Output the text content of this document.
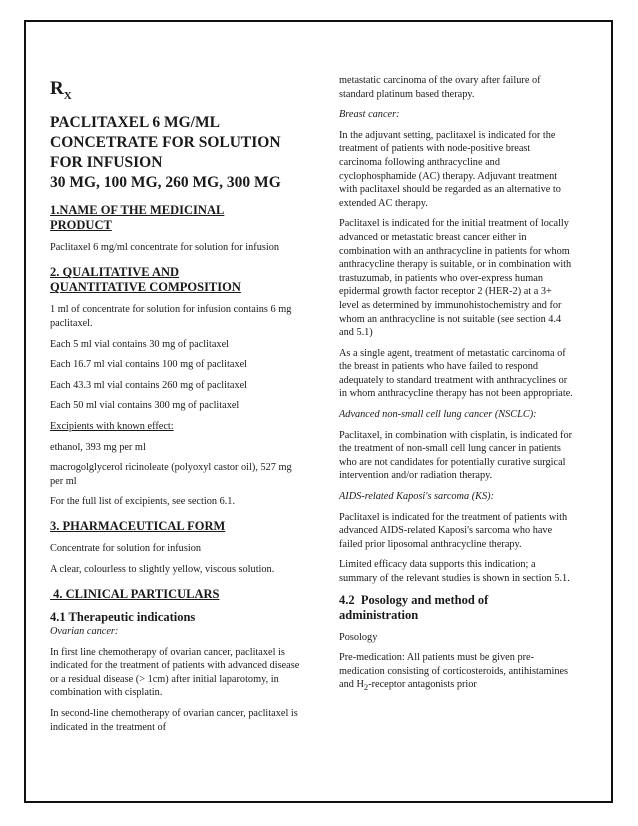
$R_X$
PACLITAXEL 6 MG/ML
CONCETRATE FOR SOLUTION
FOR INFUSION
30 MG, 100 MG, 260 MG, 300 MG
1.NAME OF THE MEDICINAL
PRODUCT

Paclitaxel 6 mg/ml concentrate for solution for infusion

2. QUALITATIVE AND
QUANTITATIVE COMPOSITION

1 ml of concentrate for solution for infusion contains 6 mg paclitaxel.

Each 5 ml vial contains 30 mg of paclitaxel

Each 16.7 ml vial contains 100 mg of paclitaxel

Each 43.3 ml vial contains 260 mg of paclitaxel

Each 50 ml vial contains 300 mg of paclitaxel

Excipients with known effect:

ethanol, 393 mg per ml

macrogolglycerol ricinoleate (polyoxyl castor oil), 527 mg per ml

For the full list of excipients, see section 6.1.

3. PHARMACEUTICAL FORM

Concentrate for solution for infusion

A clear, colourless to slightly yellow, viscous solution.

4. CLINICAL PARTICULARS
4.1 Therapeutic indications

Ovarian cancer:

In first line chemotherapy of ovarian cancer, paclitaxel is indicated for the treatment of patients with advanced disease or a residual disease (> 1cm) after initial laparotomy, in combination with cisplatin.

In second-line chemotherapy of ovarian cancer, paclitaxel is indicated in the treatment of

metastatic carcinoma of the ovary after failure of standard platinum based therapy.

Breast cancer:

In the adjuvant setting, paclitaxel is indicated for the treatment of patients with node-positive breast carcinoma following anthracycline and cyclophosphamide (AC) therapy. Adjuvant treatment with paclitaxel should be regarded as an alternative to extended AC therapy.

Paclitaxel is indicated for the initial treatment of locally advanced or metastatic breast cancer either in combination with an anthracycline in patients for whom anthracycline therapy is suitable, or in combination with trastuzumab, in patients who over-express human epidermal growth factor receptor 2 (HER-2) at a 3+ level as determined by immunohistochemistry and for whom an anthracycline is not suitable (see section 4.4 and 5.1)

As a single agent, treatment of metastatic carcinoma of the breast in patients who have failed to respond adequately to standard treatment with anthracyclines or in whom anthracycline therapy has not been appropriate.

Advanced non-small cell lung cancer (NSCLC):

Paclitaxel, in combination with cisplatin, is indicated for the treatment of non-small cell lung cancer in patients who are not candidates for potentially curative surgical intervention and/or radiation therapy.

AIDS-related Kaposi's sarcoma (KS):

Paclitaxel is indicated for the treatment of patients with advanced AIDS-related Kaposi's sarcoma who have failed prior liposomal anthracycline therapy.

Limited efficacy data supports this indication; a summary of the relevant studies is shown in section 5.1.

4.2  Posology and method of
administration

Posology

Pre-medication: All patients must be given pre-medication consisting of corticosteroids, antihistamines and $H_2$-receptor antagonists prior
